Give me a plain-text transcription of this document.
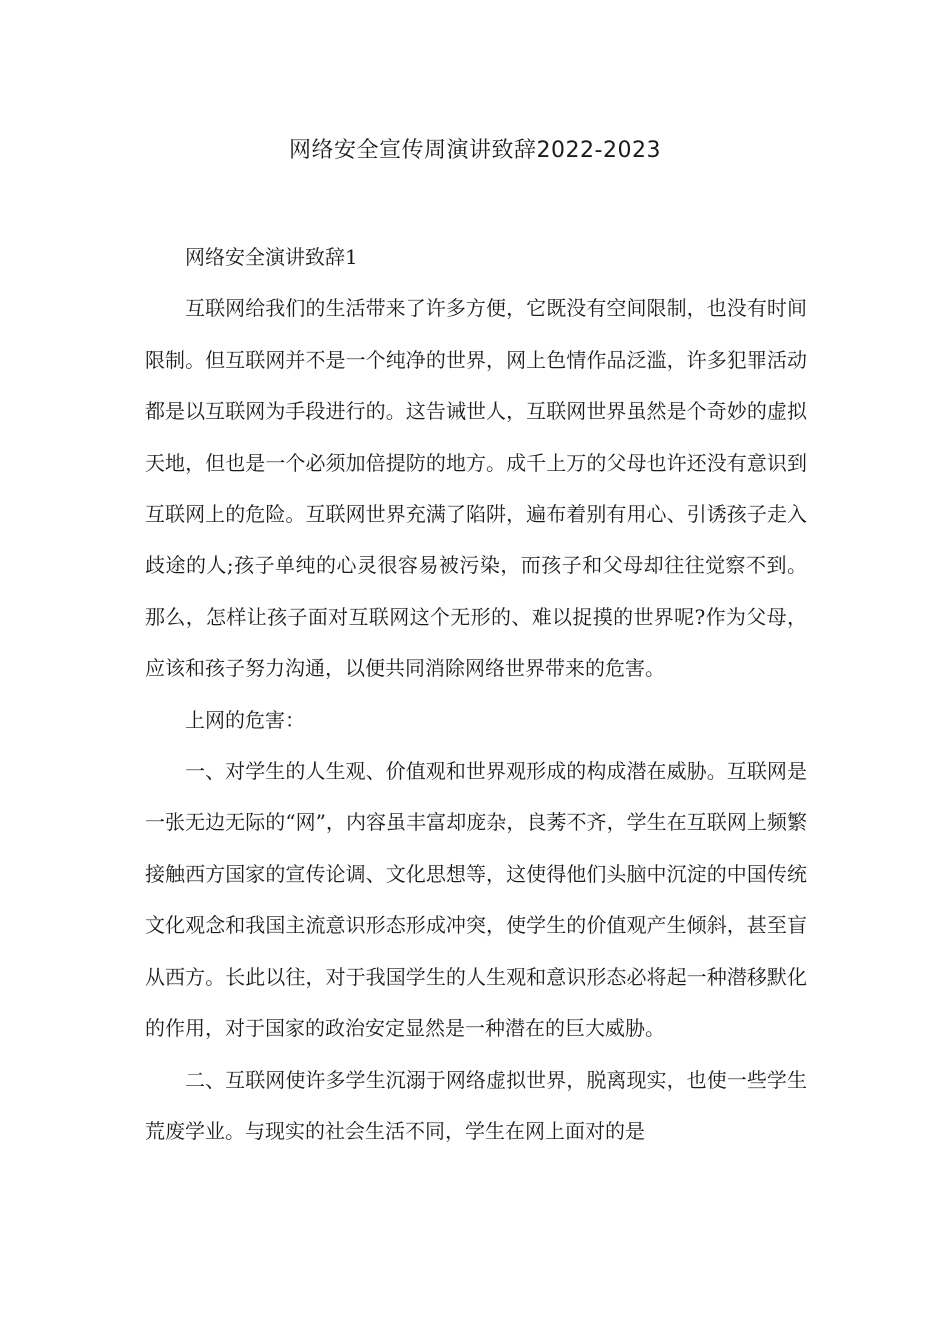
网络安全宣传周演讲致辞2022-2023

网络安全演讲致辞1

互联网给我们的生活带来了许多方便，它既没有空间限制，也没有时间限制。但互联网并不是一个纯净的世界，网上色情作品泛滥，许多犯罪活动都是以互联网为手段进行的。这告诫世人，互联网世界虽然是个奇妙的虚拟天地，但也是一个必须加倍提防的地方。成千上万的父母也许还没有意识到互联网上的危险。互联网世界充满了陷阱，遍布着别有用心、引诱孩子走入歧途的人;孩子单纯的心灵很容易被污染，而孩子和父母却往往觉察不到。那么，怎样让孩子面对互联网这个无形的、难以捉摸的世界呢?作为父母，应该和孩子努力沟通，以便共同消除网络世界带来的危害。

上网的危害：

一、对学生的人生观、价值观和世界观形成的构成潜在威胁。互联网是一张无边无际的“网”，内容虽丰富却庞杂，良莠不齐，学生在互联网上频繁接触西方国家的宣传论调、文化思想等，这使得他们头脑中沉淀的中国传统文化观念和我国主流意识形态形成冲突，使学生的价值观产生倾斜，甚至盲从西方。长此以往，对于我国学生的人生观和意识形态必将起一种潜移默化的作用，对于国家的政治安定显然是一种潜在的巨大威胁。

二、互联网使许多学生沉溺于网络虚拟世界，脱离现实，也使一些学生荒废学业。与现实的社会生活不同，学生在网上面对的是
